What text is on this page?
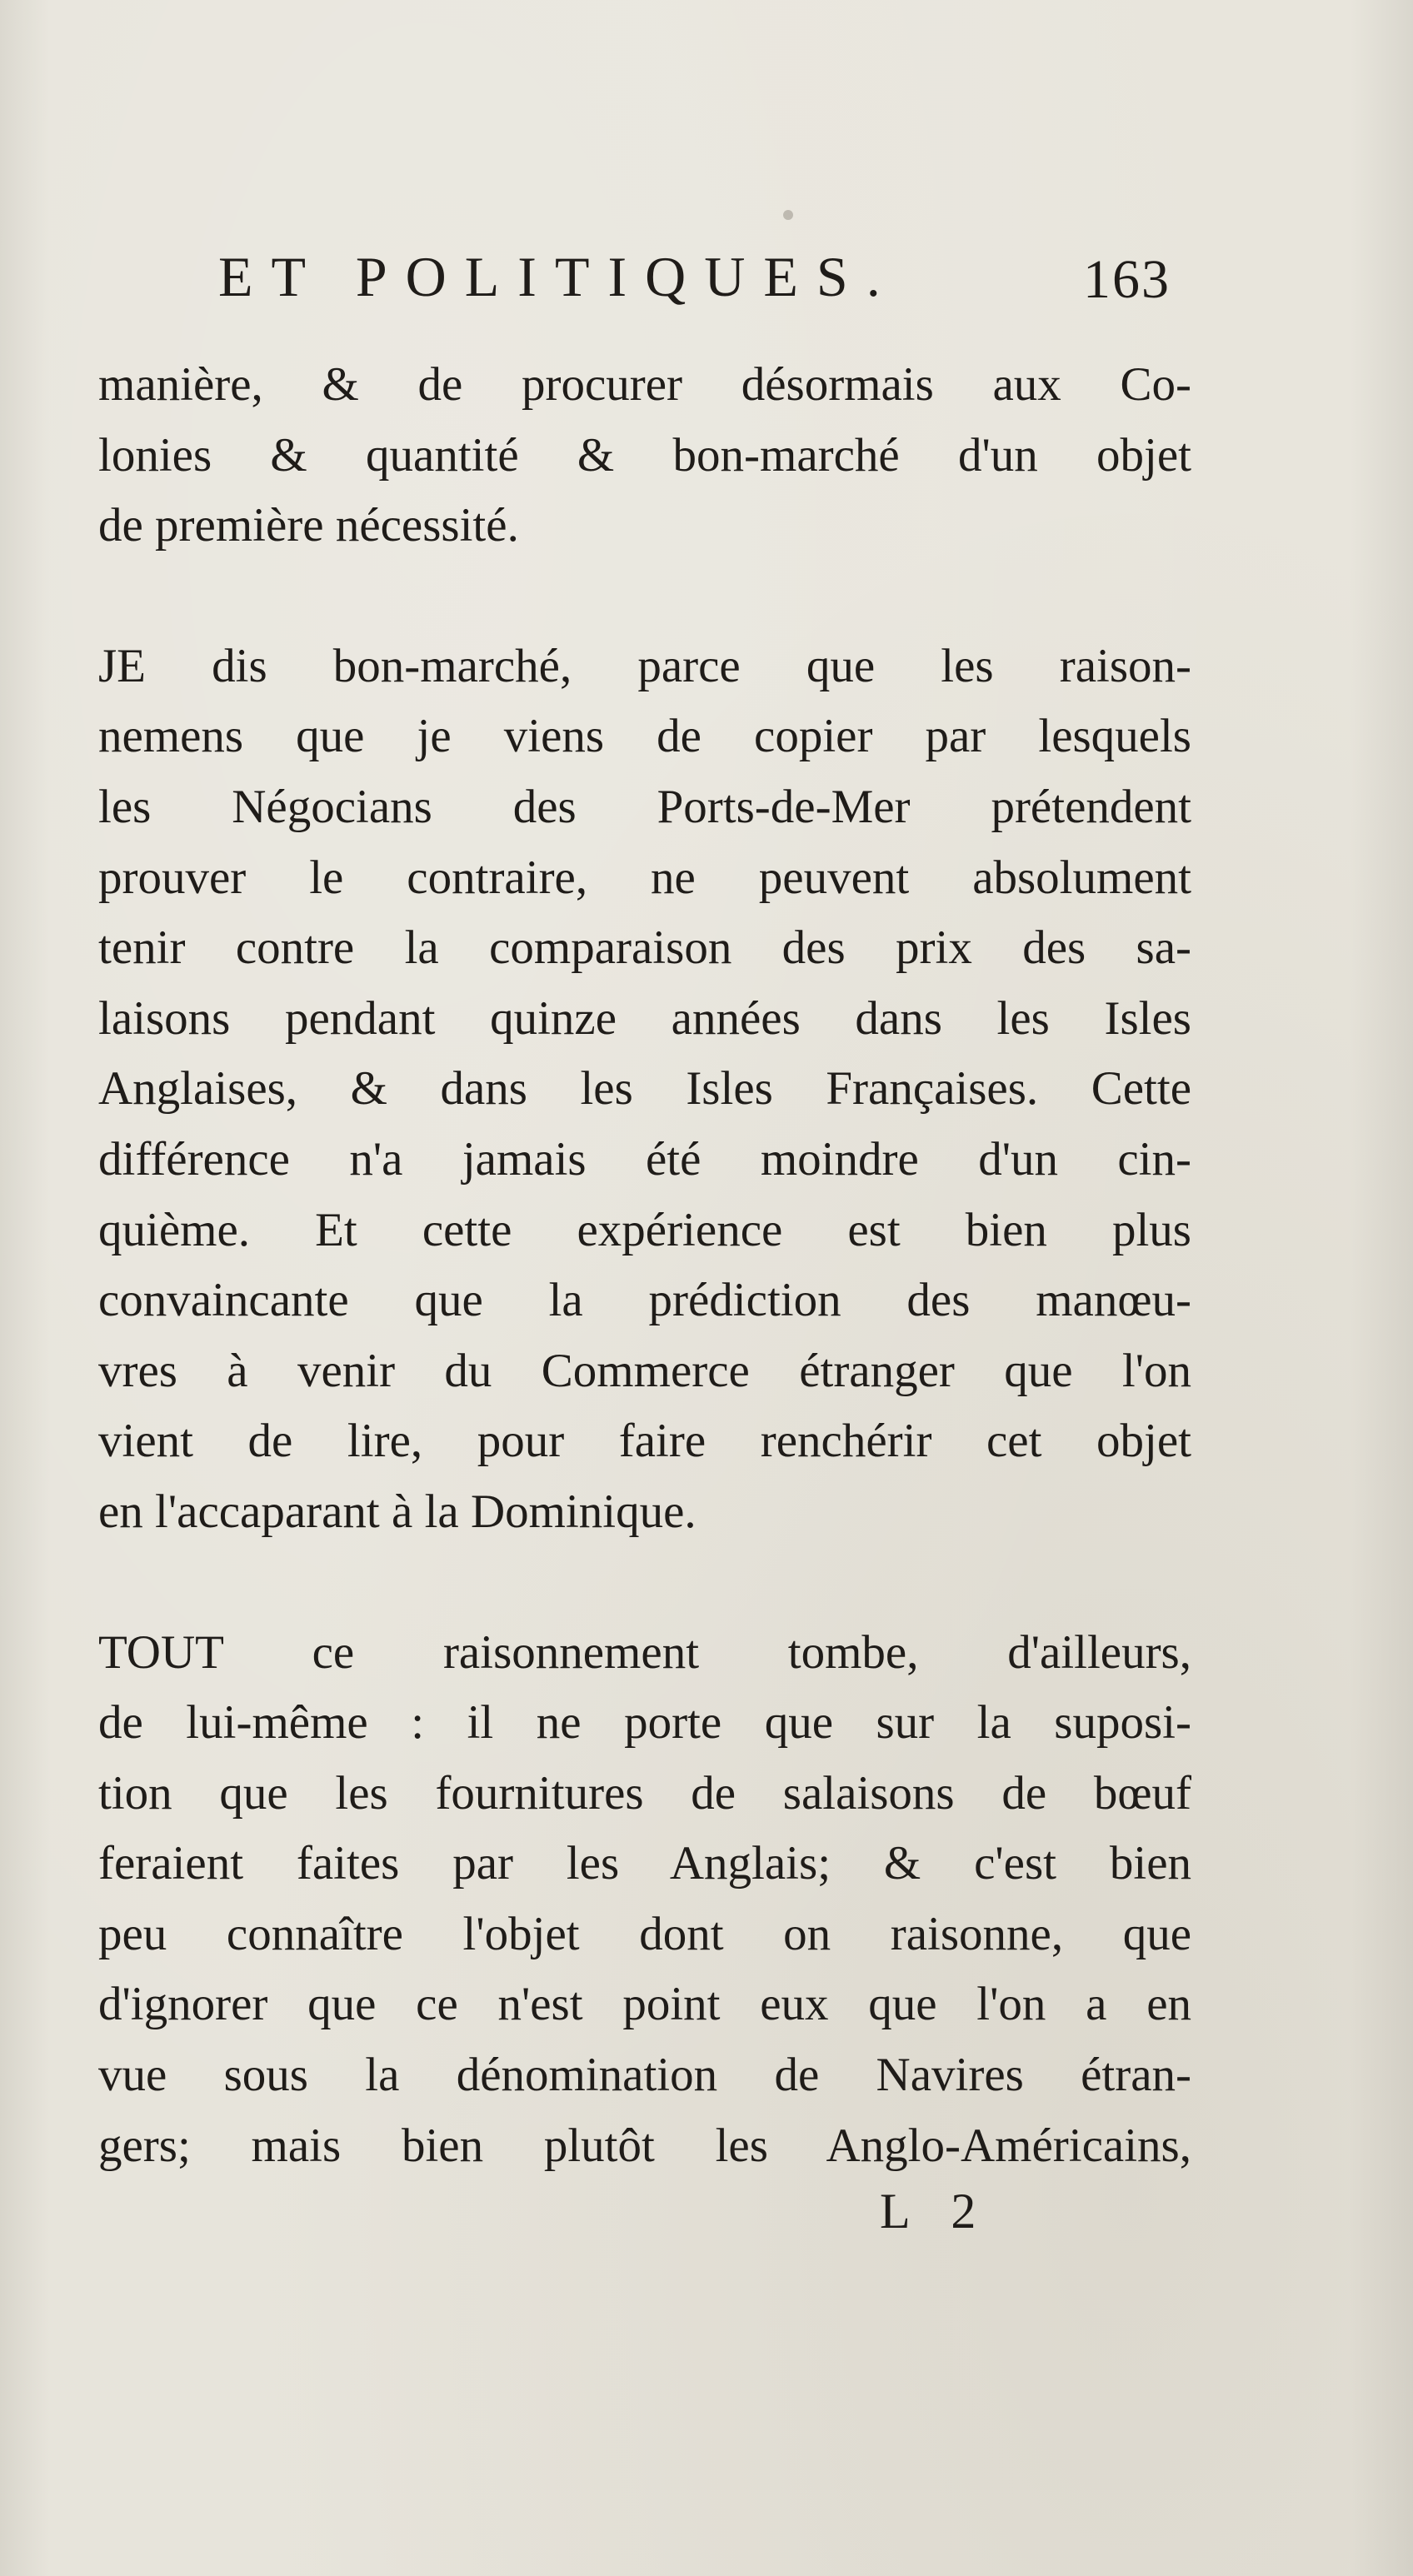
ET POLITIQUES.	163

manière, & de procurer désormais aux Co-
lonies & quantité & bon-marché d'un objet
de première nécessité.

JE dis bon-marché, parce que les raison-
nemens que je viens de copier par lesquels
les Négocians des Ports-de-Mer prétendent
prouver le contraire, ne peuvent absolument
tenir contre la comparaison des prix des sa-
laisons pendant quinze années dans les Isles
Anglaises, & dans les Isles Françaises. Cette
différence n'a jamais été moindre d'un cin-
quième. Et cette expérience est bien plus
convaincante que la prédiction des manœu-
vres à venir du Commerce étranger que l'on
vient de lire, pour faire renchérir cet objet
en l'accaparant à la Dominique.

TOUT ce raisonnement tombe, d'ailleurs,
de lui-même : il ne porte que sur la suposi-
tion que les fournitures de salaisons de bœuf
feraient faites par les Anglais; & c'est bien
peu connaître l'objet dont on raisonne, que
d'ignorer que ce n'est point eux que l'on a en
vue sous la dénomination de Navires étran-
gers; mais bien plutôt les Anglo-Américains,

L 2
